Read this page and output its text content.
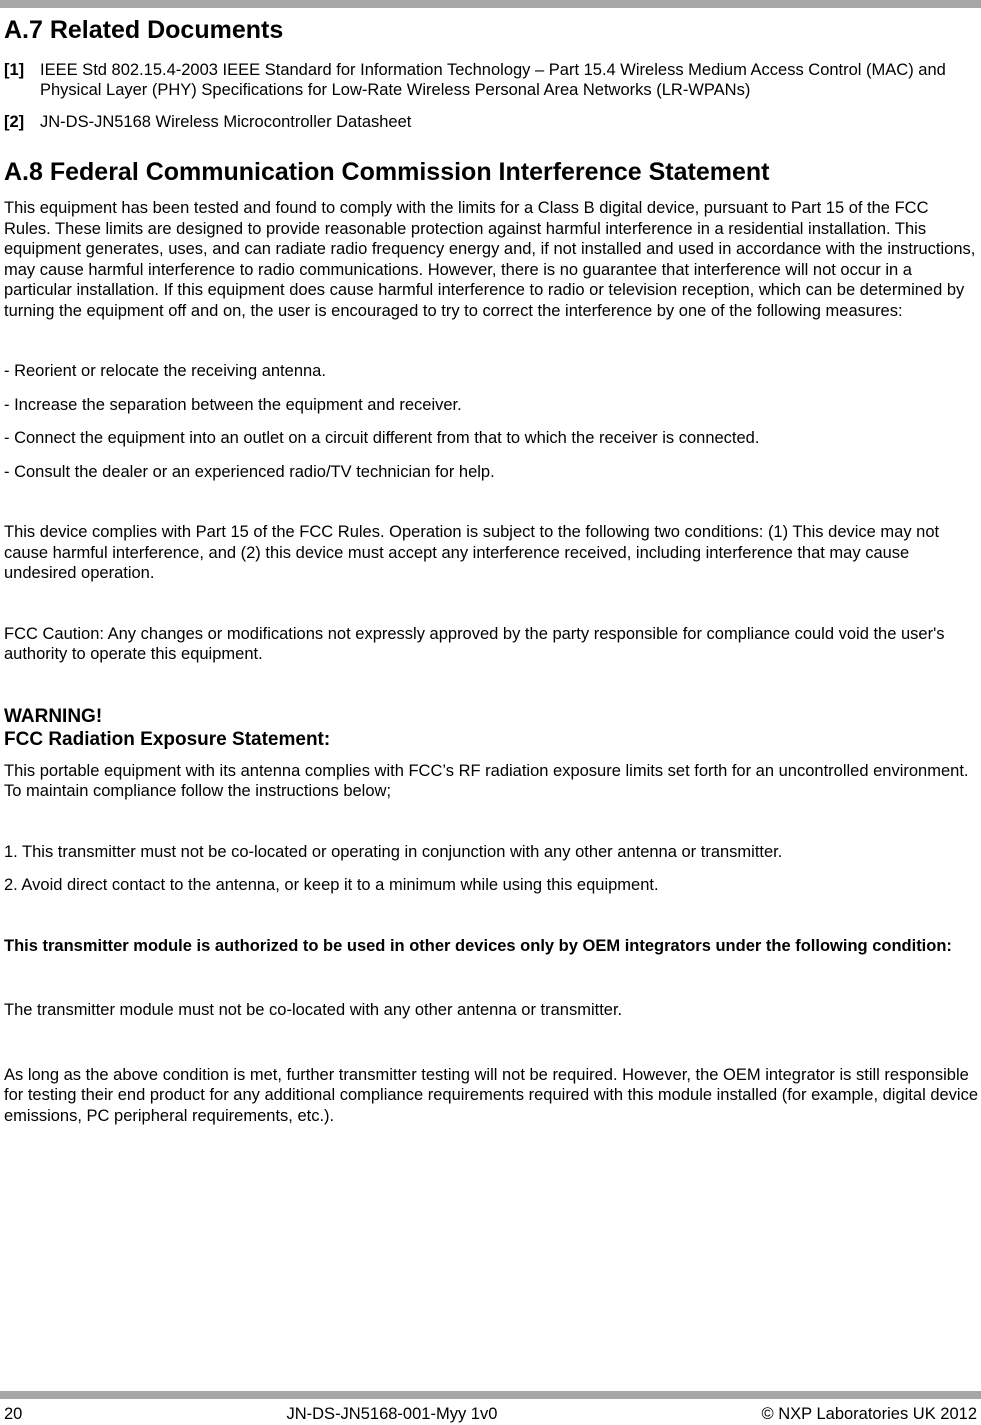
A.7 Related Documents
[1] IEEE Std 802.15.4-2003 IEEE Standard for Information Technology – Part 15.4 Wireless Medium Access Control (MAC) and Physical Layer (PHY) Specifications for Low-Rate Wireless Personal Area Networks (LR-WPANs)
[2] JN-DS-JN5168 Wireless Microcontroller Datasheet
A.8 Federal Communication Commission Interference Statement

This equipment has been tested and found to comply with the limits for a Class B digital device, pursuant to Part 15 of the FCC Rules. These limits are designed to provide reasonable protection against harmful interference in a residential installation. This equipment generates, uses, and can radiate radio frequency energy and, if not installed and used in accordance with the instructions, may cause harmful interference to radio communications. However, there is no guarantee that interference will not occur in a particular installation. If this equipment does cause harmful interference to radio or television reception, which can be determined by turning the equipment off and on, the user is encouraged to try to correct the interference by one of the following measures:

- Reorient or relocate the receiving antenna.

- Increase the separation between the equipment and receiver.

- Connect the equipment into an outlet on a circuit different from that to which the receiver is connected.

- Consult the dealer or an experienced radio/TV technician for help.

This device complies with Part 15 of the FCC Rules. Operation is subject to the following two conditions: (1) This device may not cause harmful interference, and (2) this device must accept any interference received, including interference that may cause undesired operation.

FCC Caution: Any changes or modifications not expressly approved by the party responsible for compliance could void the user's authority to operate this equipment.

WARNING!
FCC Radiation Exposure Statement:

This portable equipment with its antenna complies with FCC’s RF radiation exposure limits set forth for an uncontrolled environment. To maintain compliance follow the instructions below;

1. This transmitter must not be co-located or operating in conjunction with any other antenna or transmitter.

2. Avoid direct contact to the antenna, or keep it to a minimum while using this equipment.

This transmitter module is authorized to be used in other devices only by OEM integrators under the following condition:

The transmitter module must not be co-located with any other antenna or transmitter.

As long as the above condition is met, further transmitter testing will not be required. However, the OEM integrator is still responsible for testing their end product for any additional compliance requirements required with this module installed (for example, digital device emissions, PC peripheral requirements, etc.).

20	JN-DS-JN5168-001-Myy 1v0	© NXP Laboratories UK 2012
